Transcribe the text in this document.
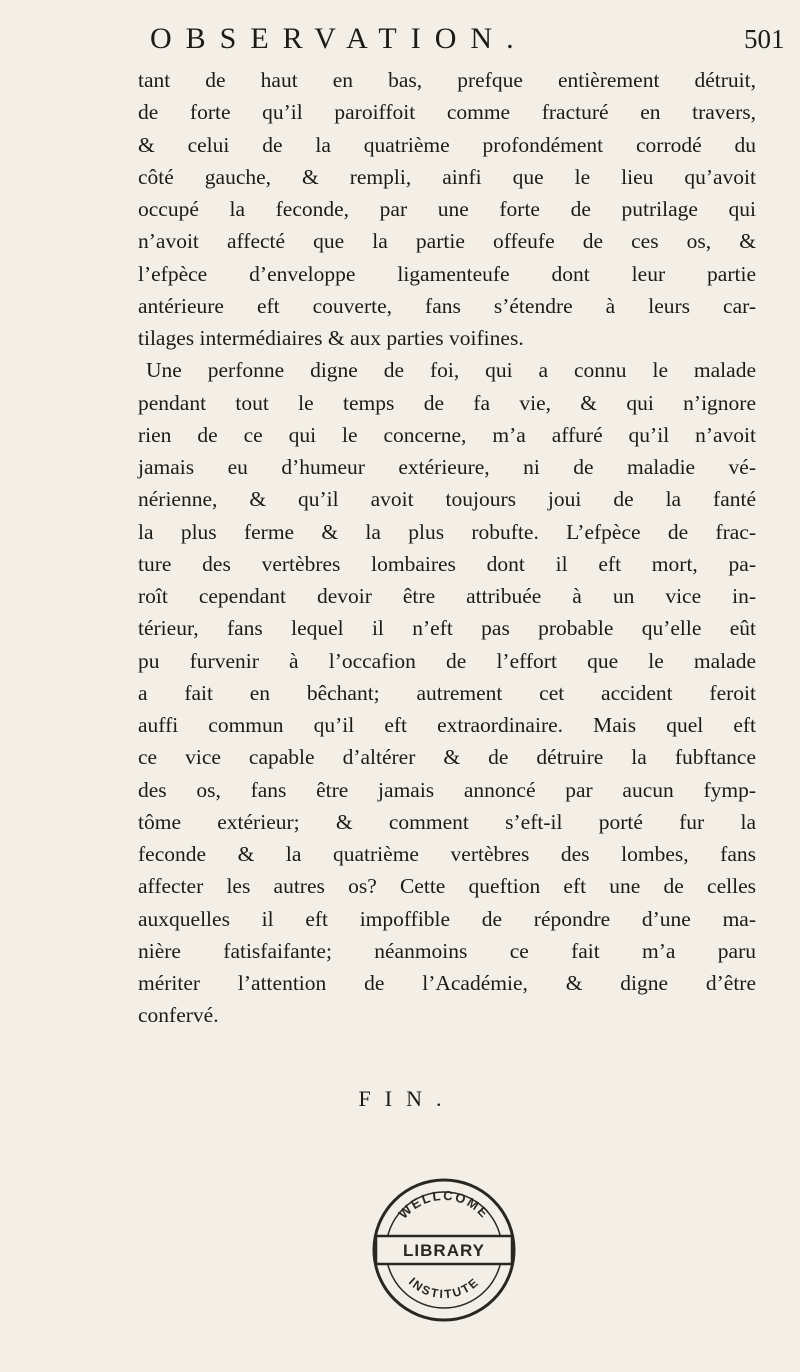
OBSERVATION.	501
tant de haut en bas, prefque entièrement détruit,
de forte qu’il paroiffoit comme fracturé en travers,
& celui de la quatrième profondément corrodé du
côté gauche, & rempli, ainfi que le lieu qu’avoit
occupé la feconde, par une forte de putrilage qui
n’avoit affecté que la partie offeufe de ces os, &
l’efpèce d’enveloppe ligamenteufe dont leur partie
antérieure eft couverte, fans s’étendre à leurs car-
tilages intermédiaires & aux parties voifines.
Une perfonne digne de foi, qui a connu le malade
pendant tout le temps de fa vie, & qui n’ignore
rien de ce qui le concerne, m’a affuré qu’il n’avoit
jamais eu d’humeur extérieure, ni de maladie vé-
nérienne, & qu’il avoit toujours joui de la fanté
la plus ferme & la plus robufte. L’efpèce de frac-
ture des vertèbres lombaires dont il eft mort, pa-
roît cependant devoir être attribuée à un vice in-
térieur, fans lequel il n’eft pas probable qu’elle eût
pu furvenir à l’occafion de l’effort que le malade
a fait en bêchant; autrement cet accident feroit
auffi commun qu’il eft extraordinaire. Mais quel eft
ce vice capable d’altérer & de détruire la fubftance
des os, fans être jamais annoncé par aucun fymp-
tôme extérieur; & comment s’eft-il porté fur la
feconde & la quatrième vertèbres des lombes, fans
affecter les autres os? Cette queftion eft une de celles
auxquelles il eft impoffible de répondre d’une ma-
nière fatisfaifante; néanmoins ce fait m’a paru
mériter l’attention de l’Académie, & digne d’être
confervé.
FIN.
WELLCOME
LIBRARY
INSTITUTE
